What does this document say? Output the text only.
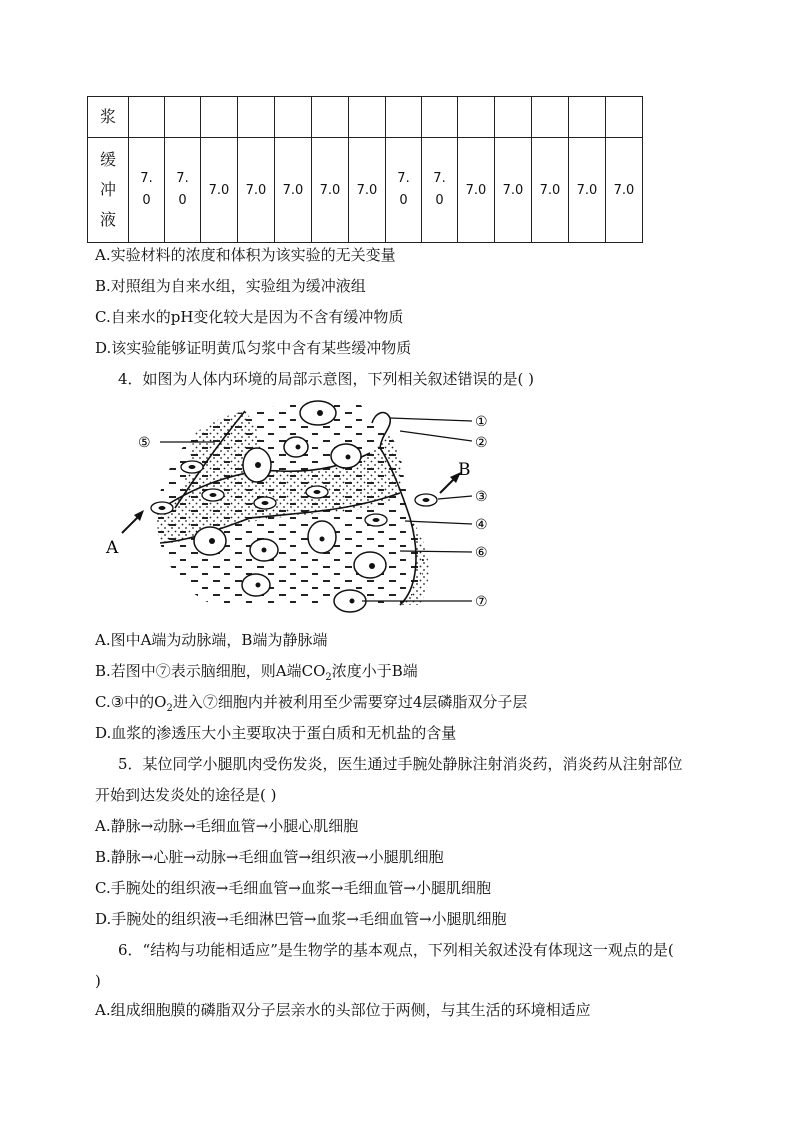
浆														
缓冲液	7.0	7.0	7.0	7.0	7.0	7.0	7.0	7.0	7.0	7.0	7.0	7.0	7.0	7.0
A.实验材料的浓度和体积为该实验的无关变量
B.对照组为自来水组，实验组为缓冲液组
C.自来水的pH变化较大是因为不含有缓冲物质
D.该实验能够证明黄瓜匀浆中含有某些缓冲物质
4．如图为人体内环境的局部示意图，下列相关叙述错误的是( )
A
B
①
②
③
④
⑤
⑥
⑦
A.图中A端为动脉端，B端为静脉端
B.若图中⑦表示脑细胞，则A端$CO_2$浓度小于B端
C.③中的$O_2$进入⑦细胞内并被利用至少需要穿过4层磷脂双分子层
D.血浆的渗透压大小主要取决于蛋白质和无机盐的含量
5．某位同学小腿肌肉受伤发炎，医生通过手腕处静脉注射消炎药，消炎药从注射部位
开始到达发炎处的途径是( )
A.静脉→动脉→毛细血管→小腿心肌细胞
B.静脉→心脏→动脉→毛细血管→组织液→小腿肌细胞
C.手腕处的组织液→毛细血管→血浆→毛细血管→小腿肌细胞
D.手腕处的组织液→毛细淋巴管→血浆→毛细血管→小腿肌细胞
6．“结构与功能相适应”是生物学的基本观点，下列相关叙述没有体现这一观点的是(
)
A.组成细胞膜的磷脂双分子层亲水的头部位于两侧，与其生活的环境相适应
